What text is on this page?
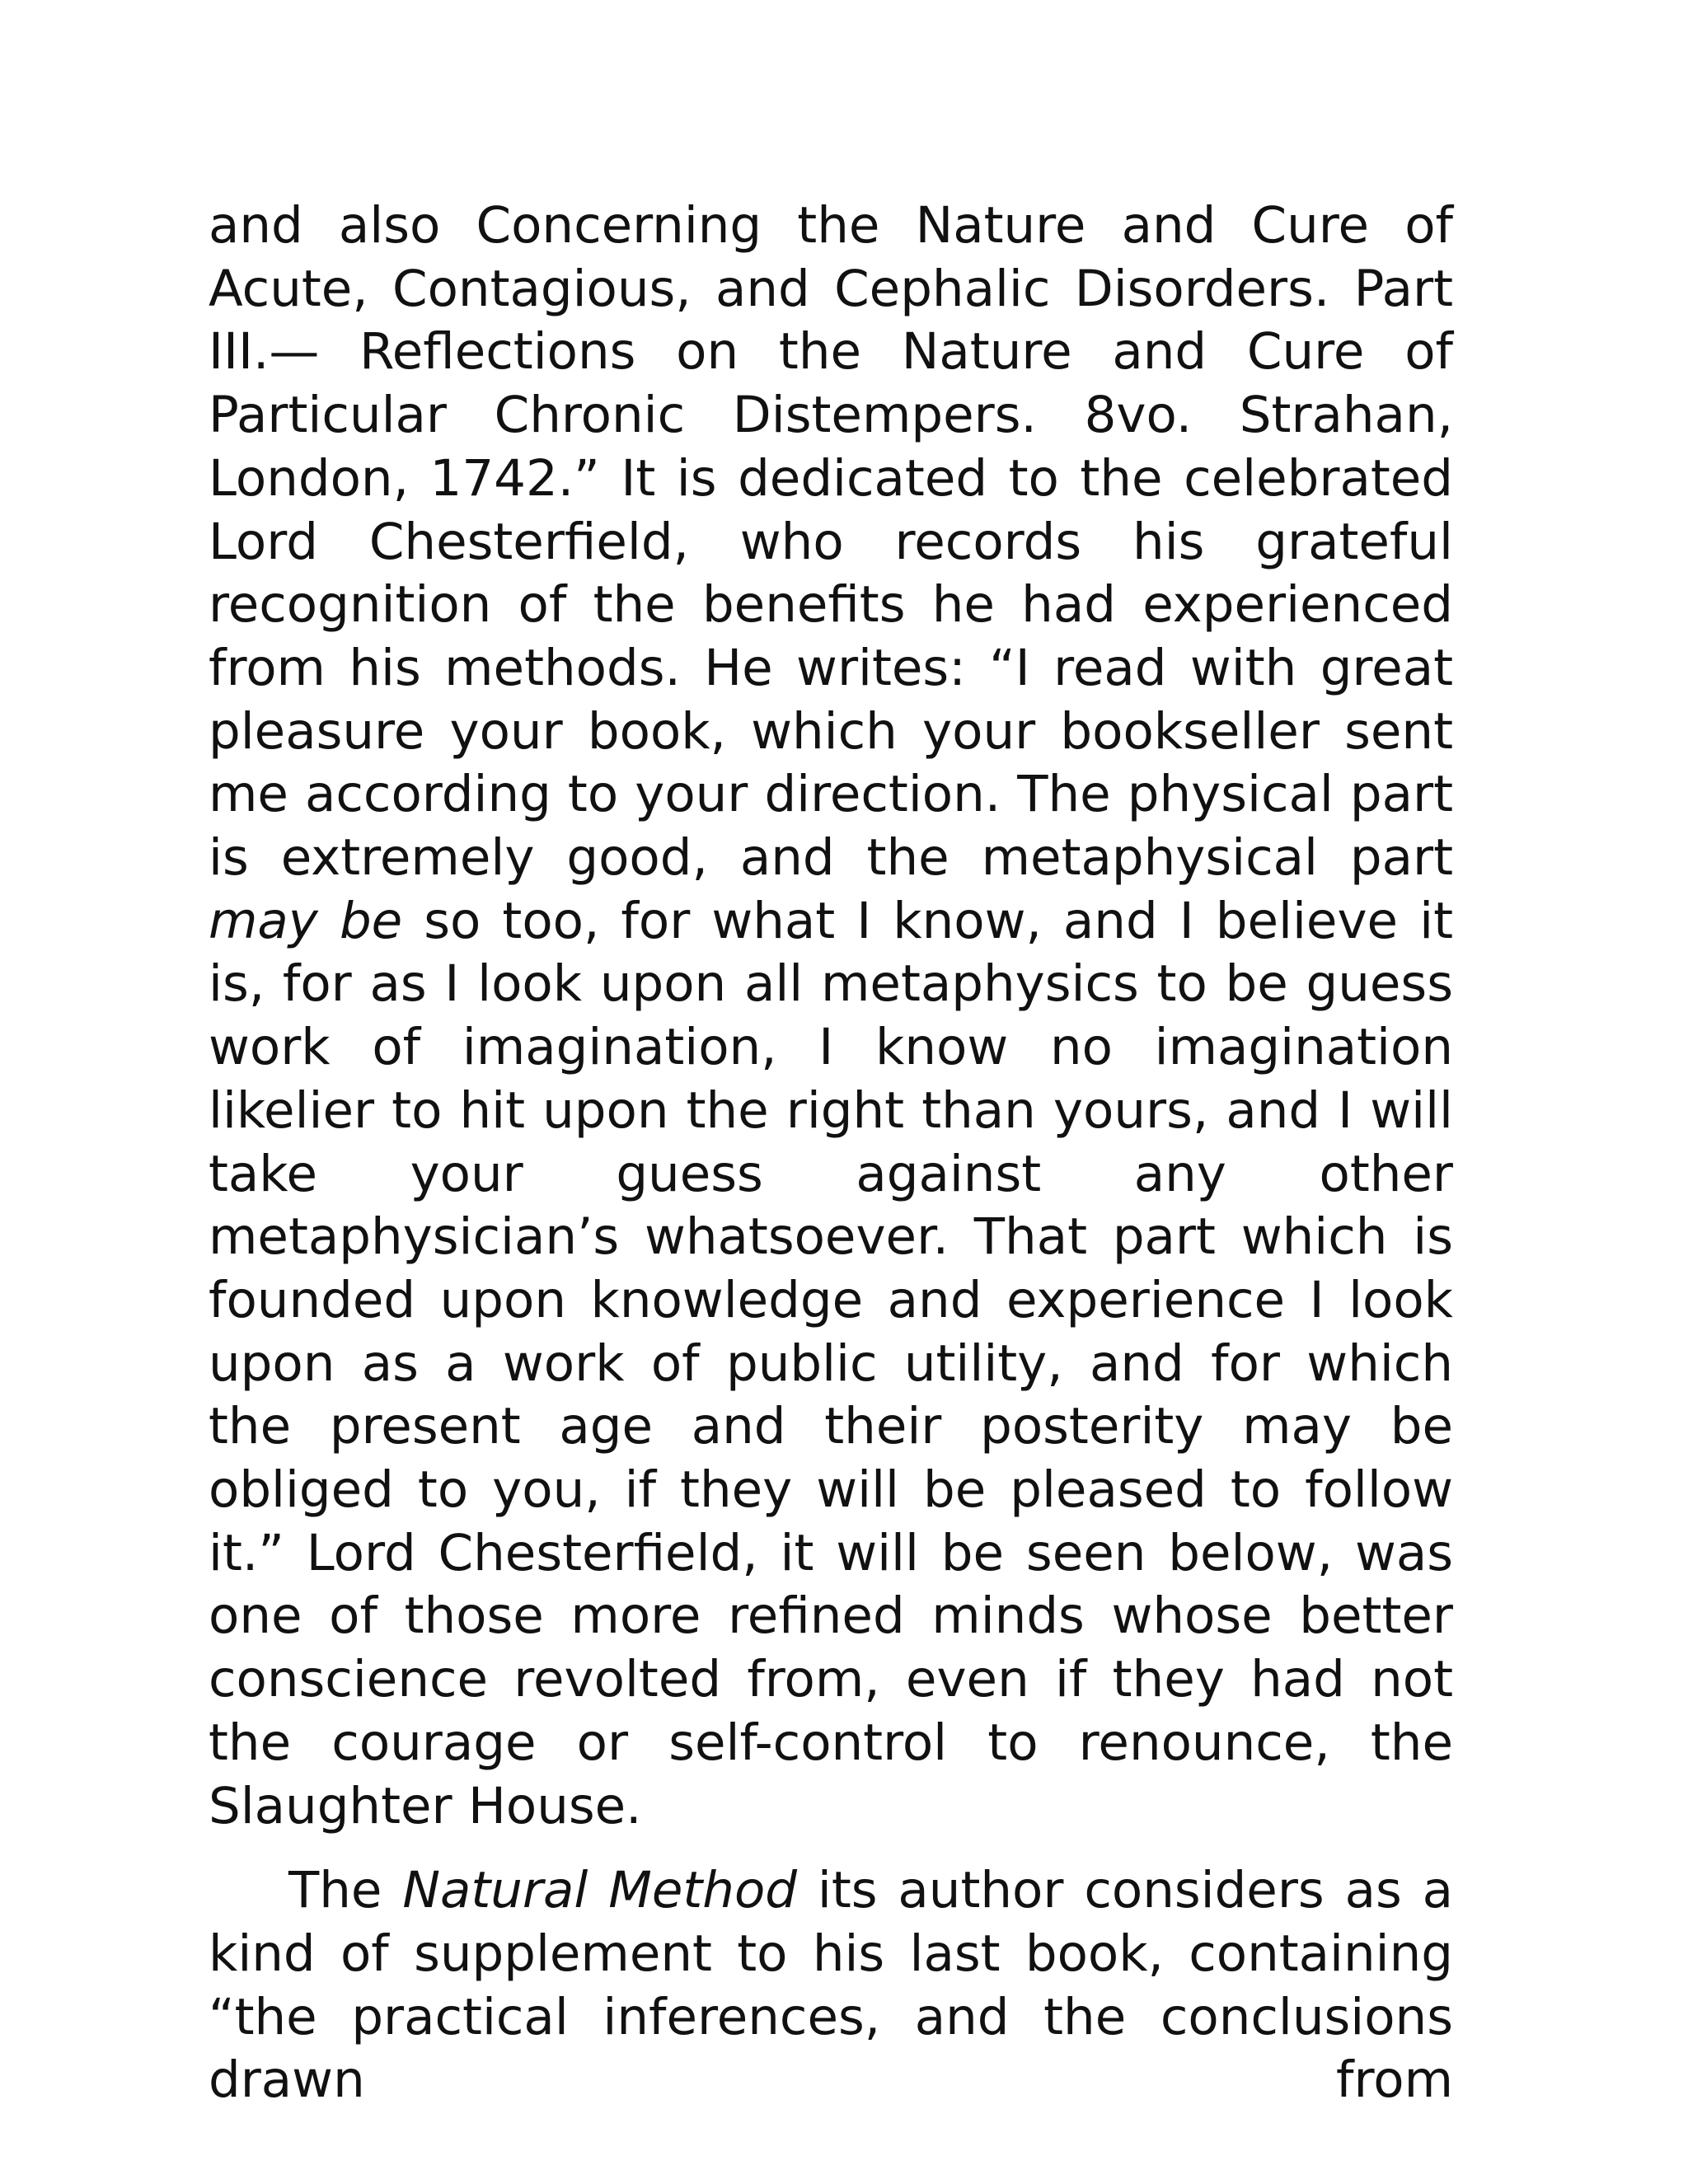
and also Concerning the Nature and Cure of Acute, Contagious, and Cephalic Disorders. Part III.— Reflections on the Nature and Cure of Particular Chronic Distempers. 8vo. Strahan, London, 1742.” It is dedicated to the celebrated Lord Chesterfield, who records his grateful recognition of the benefits he had experienced from his methods. He writes: “I read with great pleasure your book, which your bookseller sent me according to your direction. The physical part is extremely good, and the metaphysical part may be so too, for what I know, and I believe it is, for as I look upon all metaphysics to be guess work of imagination, I know no imagination likelier to hit upon the right than yours, and I will take your guess against any other metaphysician’s whatsoever. That part which is founded upon knowledge and experience I look upon as a work of public utility, and for which the present age and their posterity may be obliged to you, if they will be pleased to follow it.” Lord Chesterfield, it will be seen below, was one of those more refined minds whose better conscience revolted from, even if they had not the courage or self-control to renounce, the Slaughter House.

The Natural Method its author considers as a kind of supplement to his last book, containing “the practical inferences, and the conclusions drawn from
